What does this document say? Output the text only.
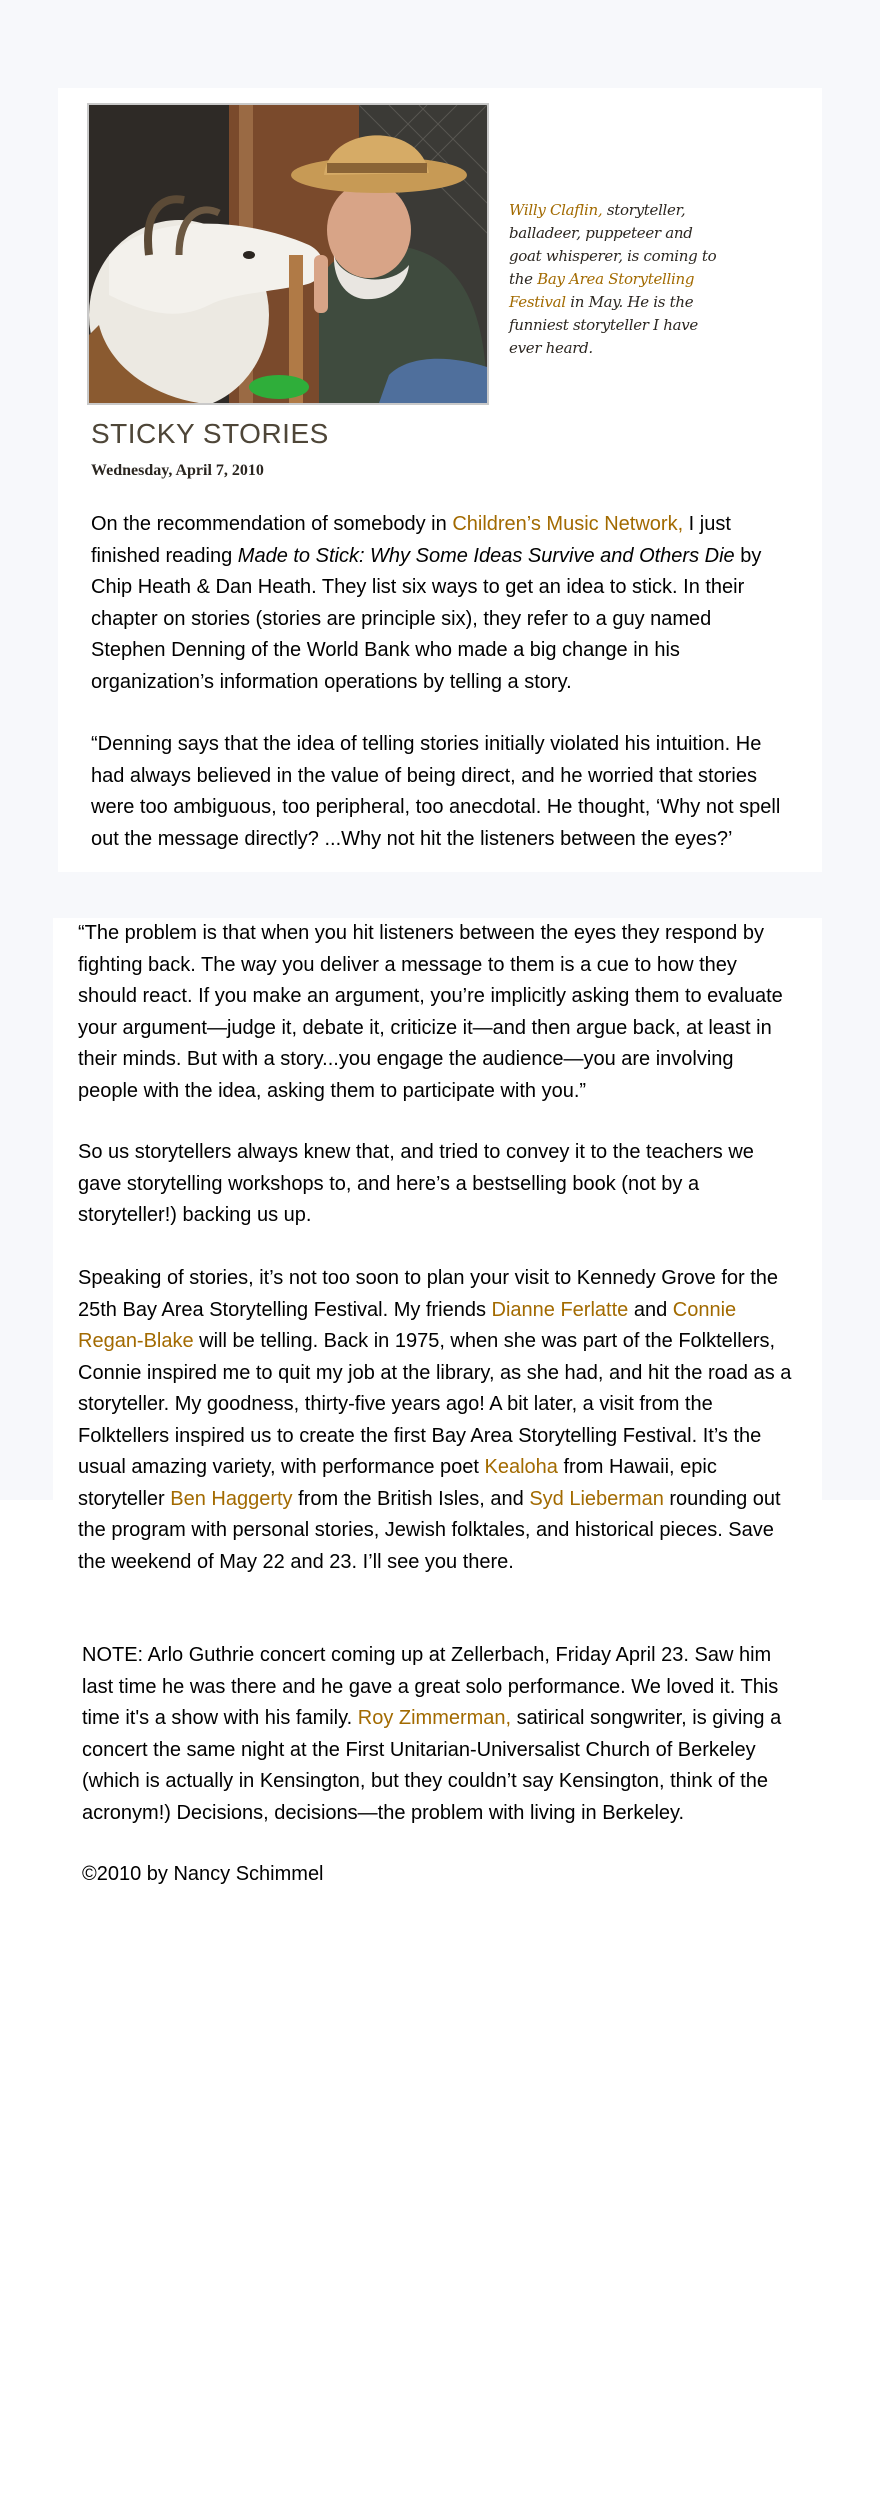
Willy Claflin, storyteller, balladeer, puppeteer and goat whisperer, is coming to the Bay Area Storytelling Festival in May. He is the funniest storyteller I have ever heard.
STICKY STORIES
Wednesday, April 7, 2010
On the recommendation of somebody in Children’s Music Network, I just finished reading Made to Stick: Why Some Ideas Survive and Others Die by Chip Heath & Dan Heath. They list six ways to get an idea to stick. In their chapter on stories (stories are principle six), they refer to a guy named Stephen Denning of the World Bank who made a big change in his organization’s information operations by telling a story.
“Denning says that the idea of telling stories initially violated his intuition. He had always believed in the value of being direct, and he worried that stories were too ambiguous, too peripheral, too anecdotal. He thought, ‘Why not spell out the message directly? ...Why not hit the listeners between the eyes?’
“The problem is that when you hit listeners between the eyes they respond by fighting back. The way you deliver a message to them is a cue to how they should react. If you make an argument, you’re implicitly asking them to evaluate your argument—judge it, debate it, criticize it—and then argue back, at least in their minds. But with a story...you engage the audience—you are involving people with the idea, asking them to participate with you.”
So us storytellers always knew that, and tried to convey it to the teachers we gave storytelling workshops to, and here’s a bestselling book (not by a storyteller!) backing us up.
Speaking of stories, it’s not too soon to plan your visit to Kennedy Grove for the 25th Bay Area Storytelling Festival. My friends Dianne Ferlatte and Connie Regan-Blake will be telling. Back in 1975, when she was part of the Folktellers, Connie inspired me to quit my job at the library, as she had, and hit the road as a storyteller. My goodness, thirty-five years ago! A bit later, a visit from the Folktellers inspired us to create the first Bay Area Storytelling Festival. It’s the usual amazing variety, with performance poet Kealoha from Hawaii, epic storyteller Ben Haggerty from the British Isles, and Syd Lieberman rounding out the program with personal stories, Jewish folktales, and historical pieces. Save the weekend of May 22 and 23. I’ll see you there.
NOTE: Arlo Guthrie concert coming up at Zellerbach, Friday April 23. Saw him last time he was there and he gave a great solo performance. We loved it. This time it's a show with his family. Roy Zimmerman, satirical songwriter, is giving a concert the same night at the First Unitarian-Universalist Church of Berkeley (which is actually in Kensington, but they couldn’t say Kensington, think of the acronym!) Decisions, decisions—the problem with living in Berkeley.
©2010 by Nancy Schimmel
